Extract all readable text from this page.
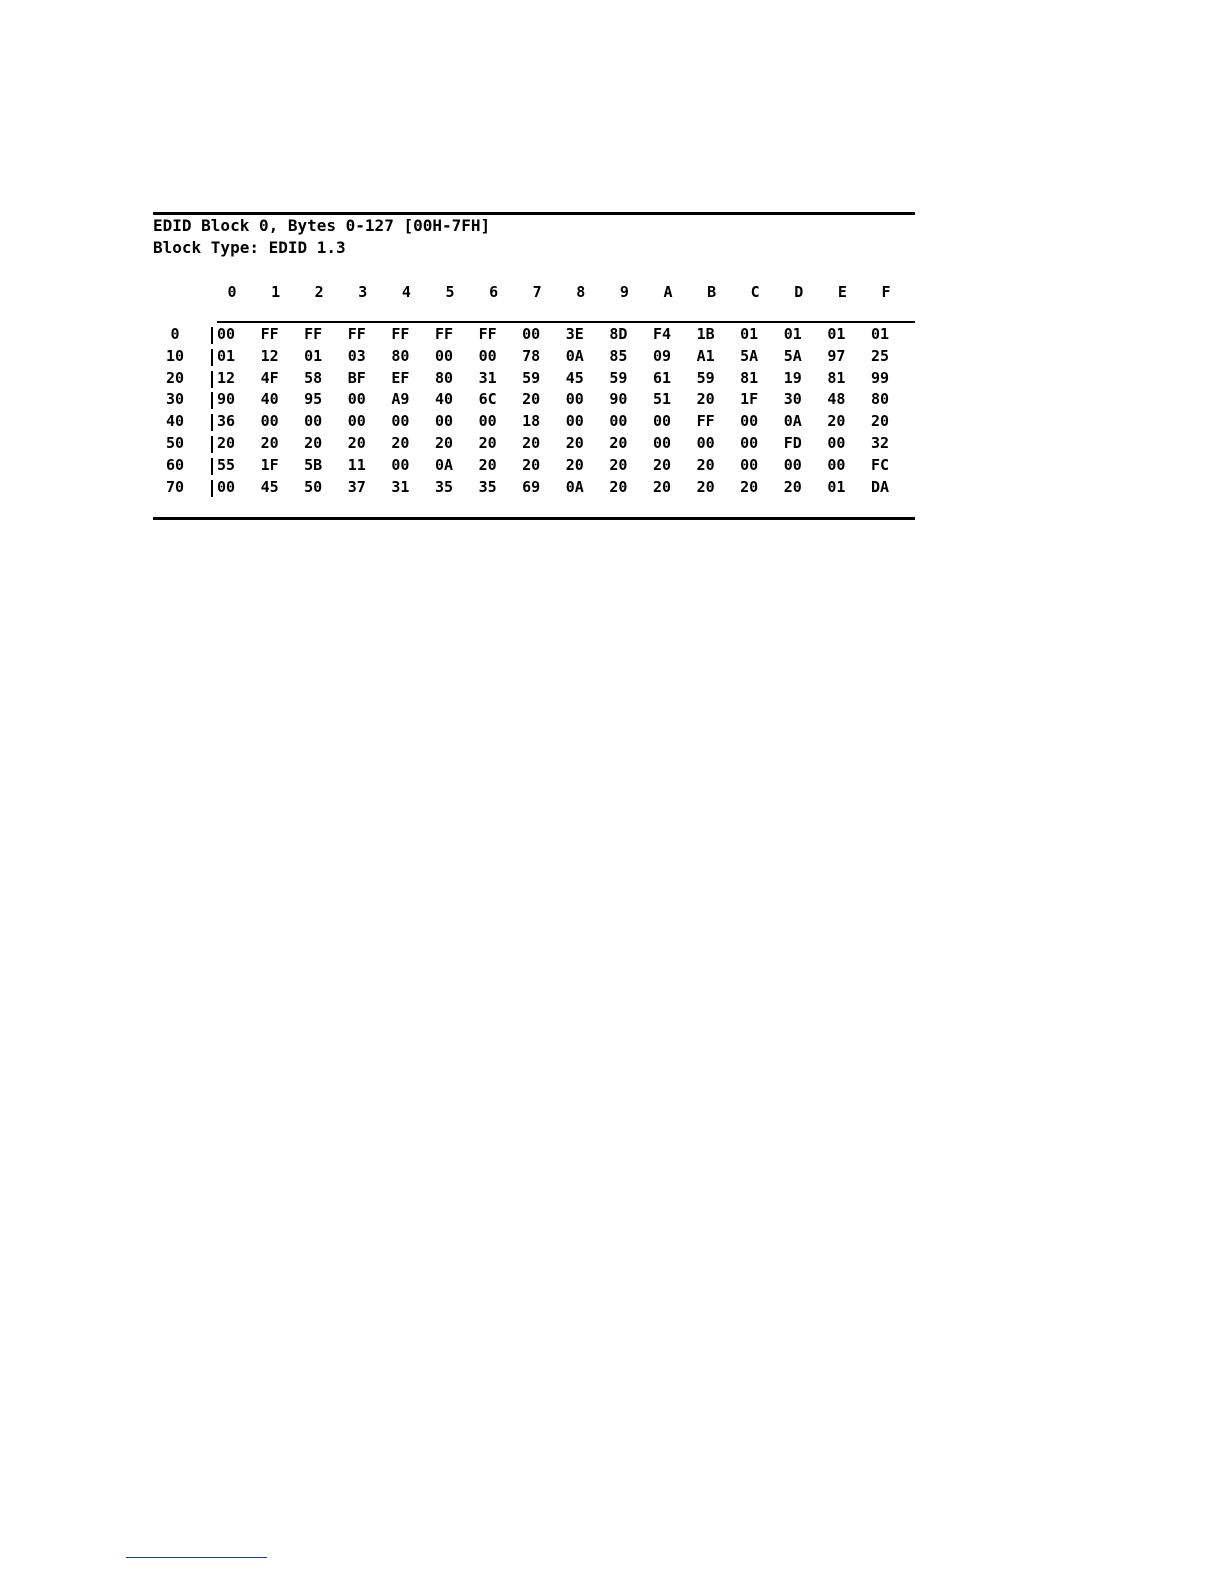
EDID Block 0, Bytes 0-127 [00H-7FH]
Block Type: EDID 1.3
0	1	2	3	4	5	6	7	8	9	A	B	C	D	E	F
0	00	FF	FF	FF	FF	FF	FF	00	3E	8D	F4	1B	01	01	01	01
10	01	12	01	03	80	00	00	78	0A	85	09	A1	5A	5A	97	25
20	12	4F	58	BF	EF	80	31	59	45	59	61	59	81	19	81	99
30	90	40	95	00	A9	40	6C	20	00	90	51	20	1F	30	48	80
40	36	00	00	00	00	00	00	18	00	00	00	FF	00	0A	20	20
50	20	20	20	20	20	20	20	20	20	20	00	00	00	FD	00	32
60	55	1F	5B	11	00	0A	20	20	20	20	20	20	00	00	00	FC
70	00	45	50	37	31	35	35	69	0A	20	20	20	20	20	01	DA
